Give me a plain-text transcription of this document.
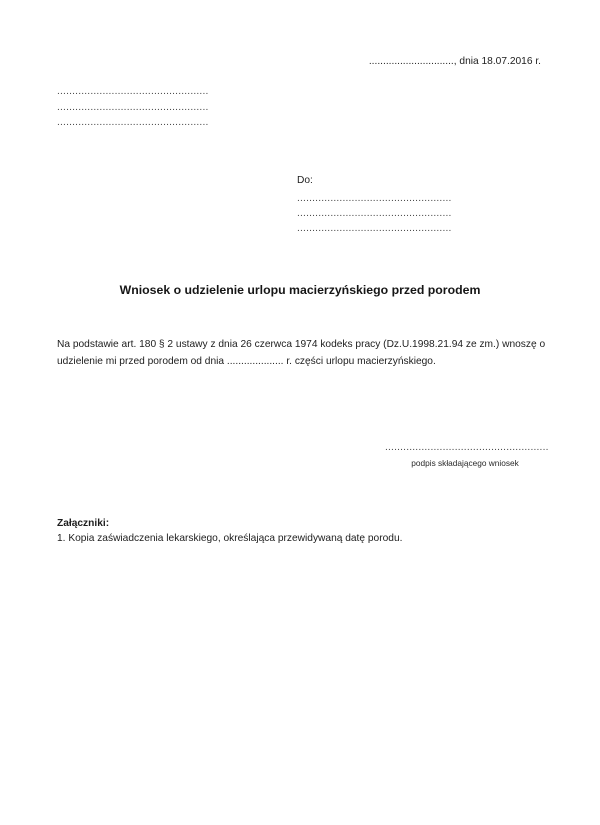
.............................., dnia 18.07.2016 r.
..................................................
..................................................
..................................................
Do:
...................................................
...................................................
...................................................
Wniosek o udzielenie urlopu macierzyńskiego przed porodem
Na podstawie art. 180 § 2 ustawy z dnia 26 czerwca 1974 kodeks pracy (Dz.U.1998.21.94 ze zm.) wnoszę o
udzielenie mi przed porodem od dnia .................... r. części urlopu macierzyńskiego.
......................................................
podpis składającego wniosek
Załączniki:
1. Kopia zaświadczenia lekarskiego, określająca przewidywaną datę porodu.
